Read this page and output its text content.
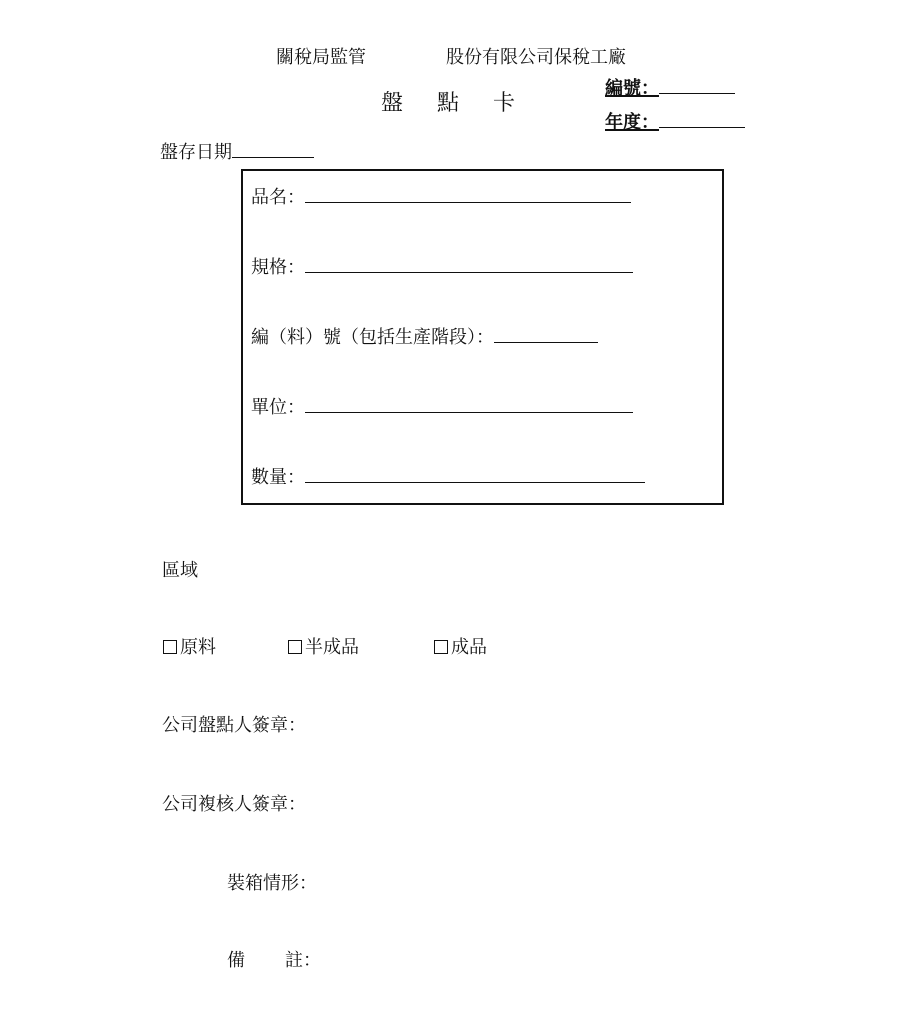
關稅局監管	股份有限公司保稅工廠
盤點卡
編號：
年度：
盤存日期
品名：
規格：
編（料）號（包括生產階段）：
單位：
數量：
區域
原料	半成品	成品
公司盤點人簽章：
公司複核人簽章：
裝箱情形：
備 註：
